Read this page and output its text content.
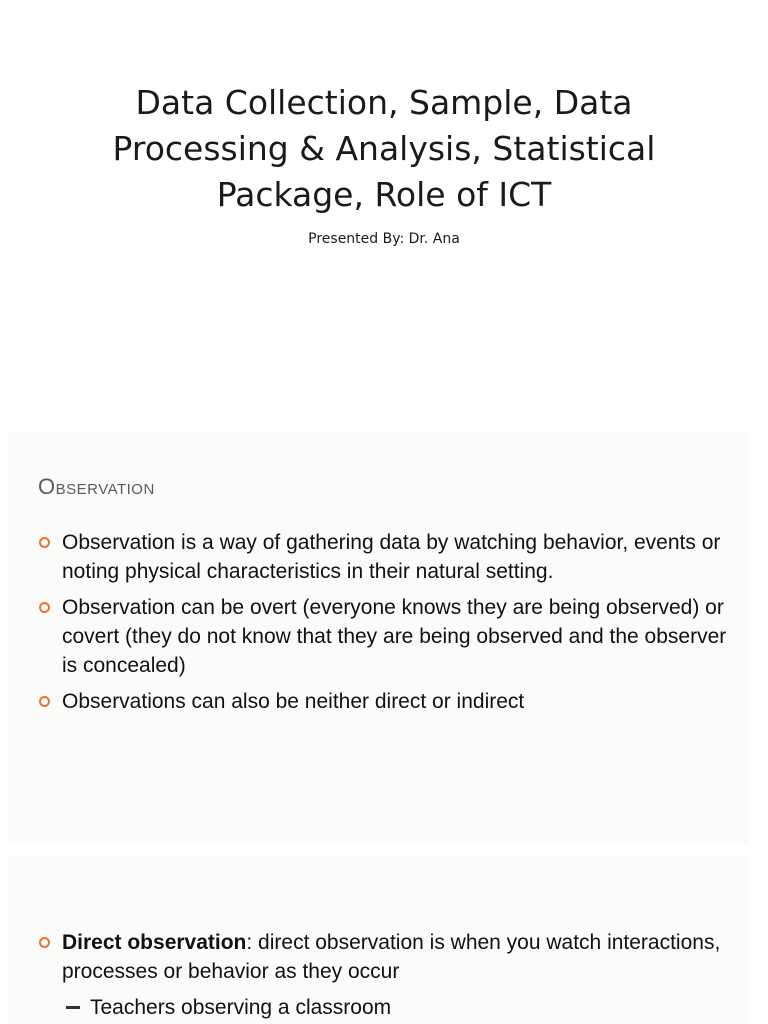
Data Collection, Sample, Data Processing & Analysis, Statistical Package, Role of ICT
Presented By: Dr. Ana
Observation
Observation is a way of gathering data by watching behavior, events or noting physical characteristics in their natural setting.
Observation can be overt (everyone knows they are being observed) or covert (they do not know that they are being observed and the observer is concealed)
Observations can also be neither direct or indirect
Direct observation: direct observation is when you watch interactions, processes or behavior as they occur
Teachers observing a classroom
